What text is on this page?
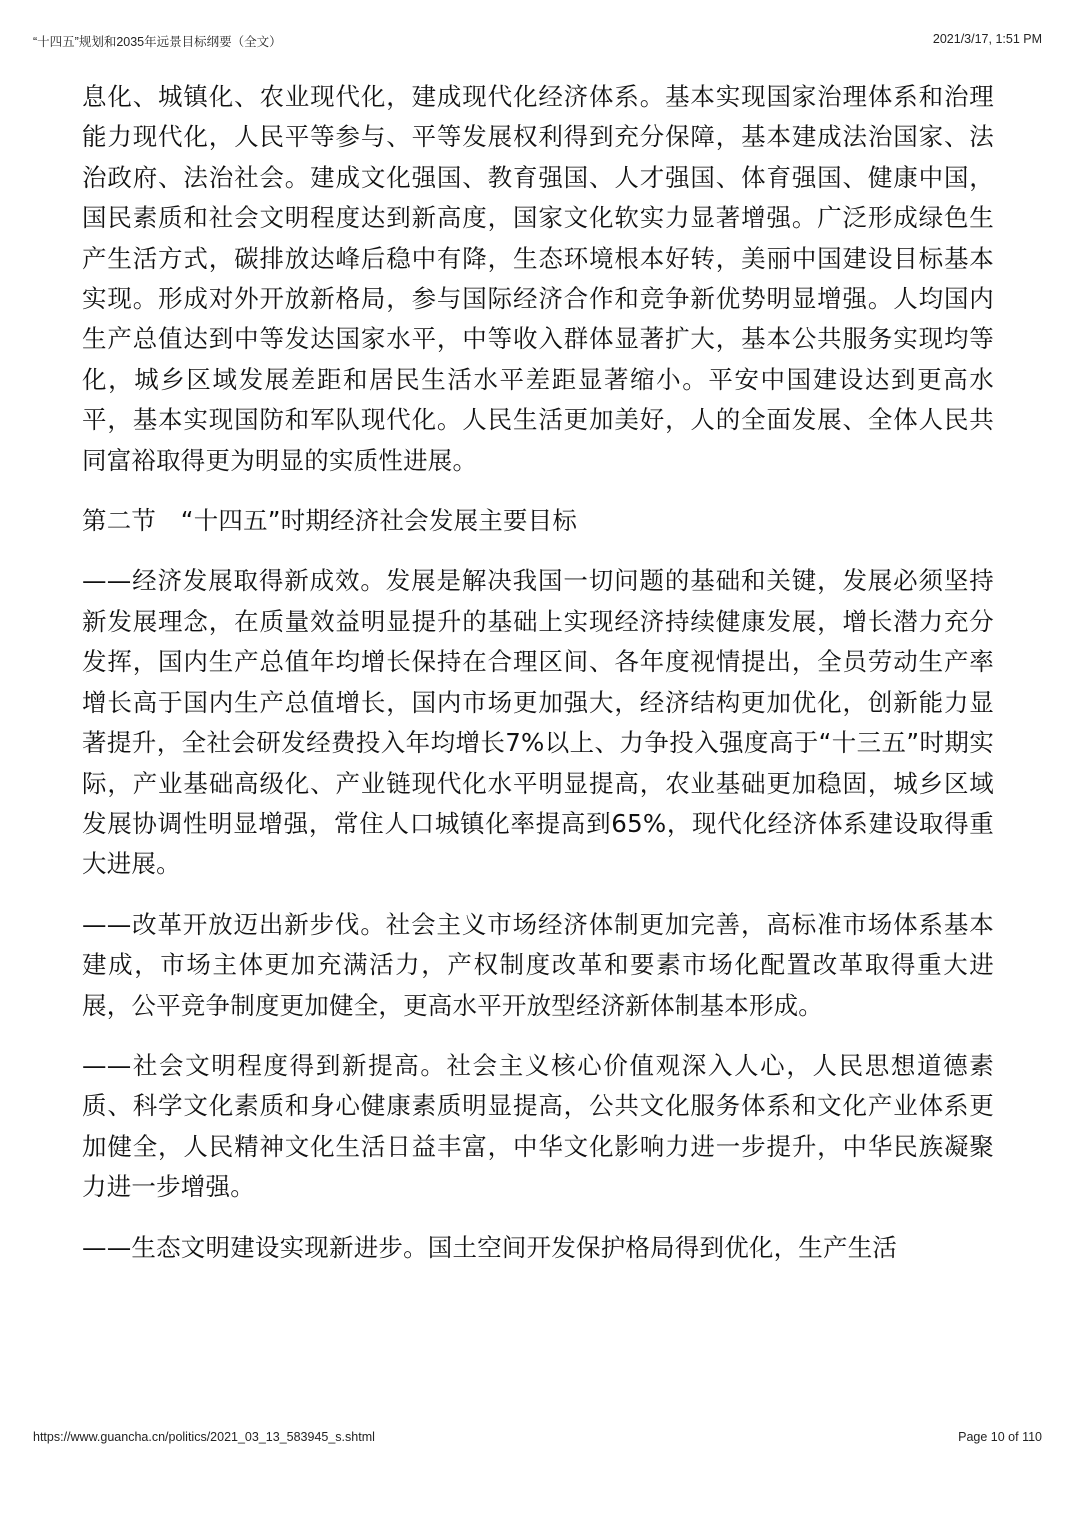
“十四五”规划和2035年远景目标纲要（全文）	2021/3/17, 1:51 PM

息化、城镇化、农业现代化，建成现代化经济体系。基本实现国家治理体系和治理能力现代化，人民平等参与、平等发展权利得到充分保障，基本建成法治国家、法治政府、法治社会。建成文化强国、教育强国、人才强国、体育强国、健康中国，国民素质和社会文明程度达到新高度，国家文化软实力显著增强。广泛形成绿色生产生活方式，碳排放达峰后稳中有降，生态环境根本好转，美丽中国建设目标基本实现。形成对外开放新格局，参与国际经济合作和竞争新优势明显增强。人均国内生产总值达到中等发达国家水平，中等收入群体显著扩大，基本公共服务实现均等化，城乡区域发展差距和居民生活水平差距显著缩小。平安中国建设达到更高水平，基本实现国防和军队现代化。人民生活更加美好，人的全面发展、全体人民共同富裕取得更为明显的实质性进展。

第二节　“十四五”时期经济社会发展主要目标

——经济发展取得新成效。发展是解决我国一切问题的基础和关键，发展必须坚持新发展理念，在质量效益明显提升的基础上实现经济持续健康发展，增长潜力充分发挥，国内生产总值年均增长保持在合理区间、各年度视情提出，全员劳动生产率增长高于国内生产总值增长，国内市场更加强大，经济结构更加优化，创新能力显著提升，全社会研发经费投入年均增长7%以上、力争投入强度高于“十三五”时期实际，产业基础高级化、产业链现代化水平明显提高，农业基础更加稳固，城乡区域发展协调性明显增强，常住人口城镇化率提高到65%，现代化经济体系建设取得重大进展。

——改革开放迈出新步伐。社会主义市场经济体制更加完善，高标准市场体系基本建成，市场主体更加充满活力，产权制度改革和要素市场化配置改革取得重大进展，公平竞争制度更加健全，更高水平开放型经济新体制基本形成。

——社会文明程度得到新提高。社会主义核心价值观深入人心，人民思想道德素质、科学文化素质和身心健康素质明显提高，公共文化服务体系和文化产业体系更加健全，人民精神文化生活日益丰富，中华文化影响力进一步提升，中华民族凝聚力进一步增强。

——生态文明建设实现新进步。国土空间开发保护格局得到优化，生产生活

https://www.guancha.cn/politics/2021_03_13_583945_s.shtml	Page 10 of 110
